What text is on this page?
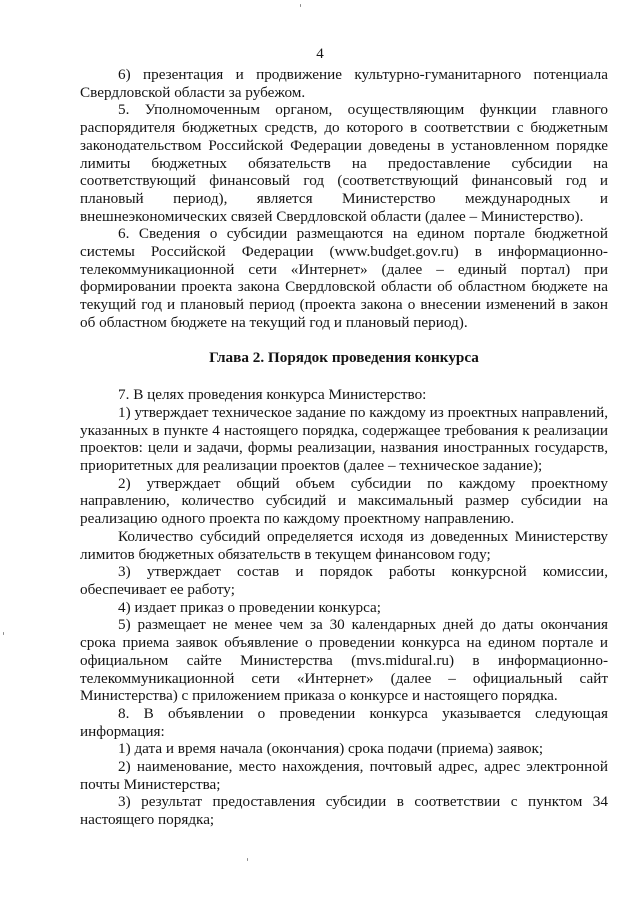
4

6) презентация и продвижение культурно-гуманитарного потенциала Свердловской области за рубежом.

5. Уполномоченным органом, осуществляющим функции главного распорядителя бюджетных средств, до которого в соответствии с бюджетным законодательством Российской Федерации доведены в установленном порядке лимиты бюджетных обязательств на предоставление субсидии на соответствующий финансовый год (соответствующий финансовый год и плановый период), является Министерство международных и внешнеэкономических связей Свердловской области (далее – Министерство).

6. Сведения о субсидии размещаются на едином портале бюджетной системы Российской Федерации (www.budget.gov.ru) в информационно-телекоммуникационной сети «Интернет» (далее – единый портал) при формировании проекта закона Свердловской области об областном бюджете на текущий год и плановый период (проекта закона о внесении изменений в закон об областном бюджете на текущий год и плановый период).

Глава 2. Порядок проведения конкурса

7. В целях проведения конкурса Министерство:

1) утверждает техническое задание по каждому из проектных направлений, указанных в пункте 4 настоящего порядка, содержащее требования к реализации проектов: цели и задачи, формы реализации, названия иностранных государств, приоритетных для реализации проектов (далее – техническое задание);

2) утверждает общий объем субсидии по каждому проектному направлению, количество субсидий и максимальный размер субсидии на реализацию одного проекта по каждому проектному направлению.

Количество субсидий определяется исходя из доведенных Министерству лимитов бюджетных обязательств в текущем финансовом году;

3) утверждает состав и порядок работы конкурсной комиссии, обеспечивает ее работу;

4) издает приказ о проведении конкурса;

5) размещает не менее чем за 30 календарных дней до даты окончания срока приема заявок объявление о проведении конкурса на едином портале и официальном сайте Министерства (mvs.midural.ru) в информационно-телекоммуникационной сети «Интернет» (далее – официальный сайт Министерства) с приложением приказа о конкурсе и настоящего порядка.

8. В объявлении о проведении конкурса указывается следующая информация:

1) дата и время начала (окончания) срока подачи (приема) заявок;

2) наименование, место нахождения, почтовый адрес, адрес электронной почты Министерства;

3) результат предоставления субсидии в соответствии с пунктом 34 настоящего порядка;
